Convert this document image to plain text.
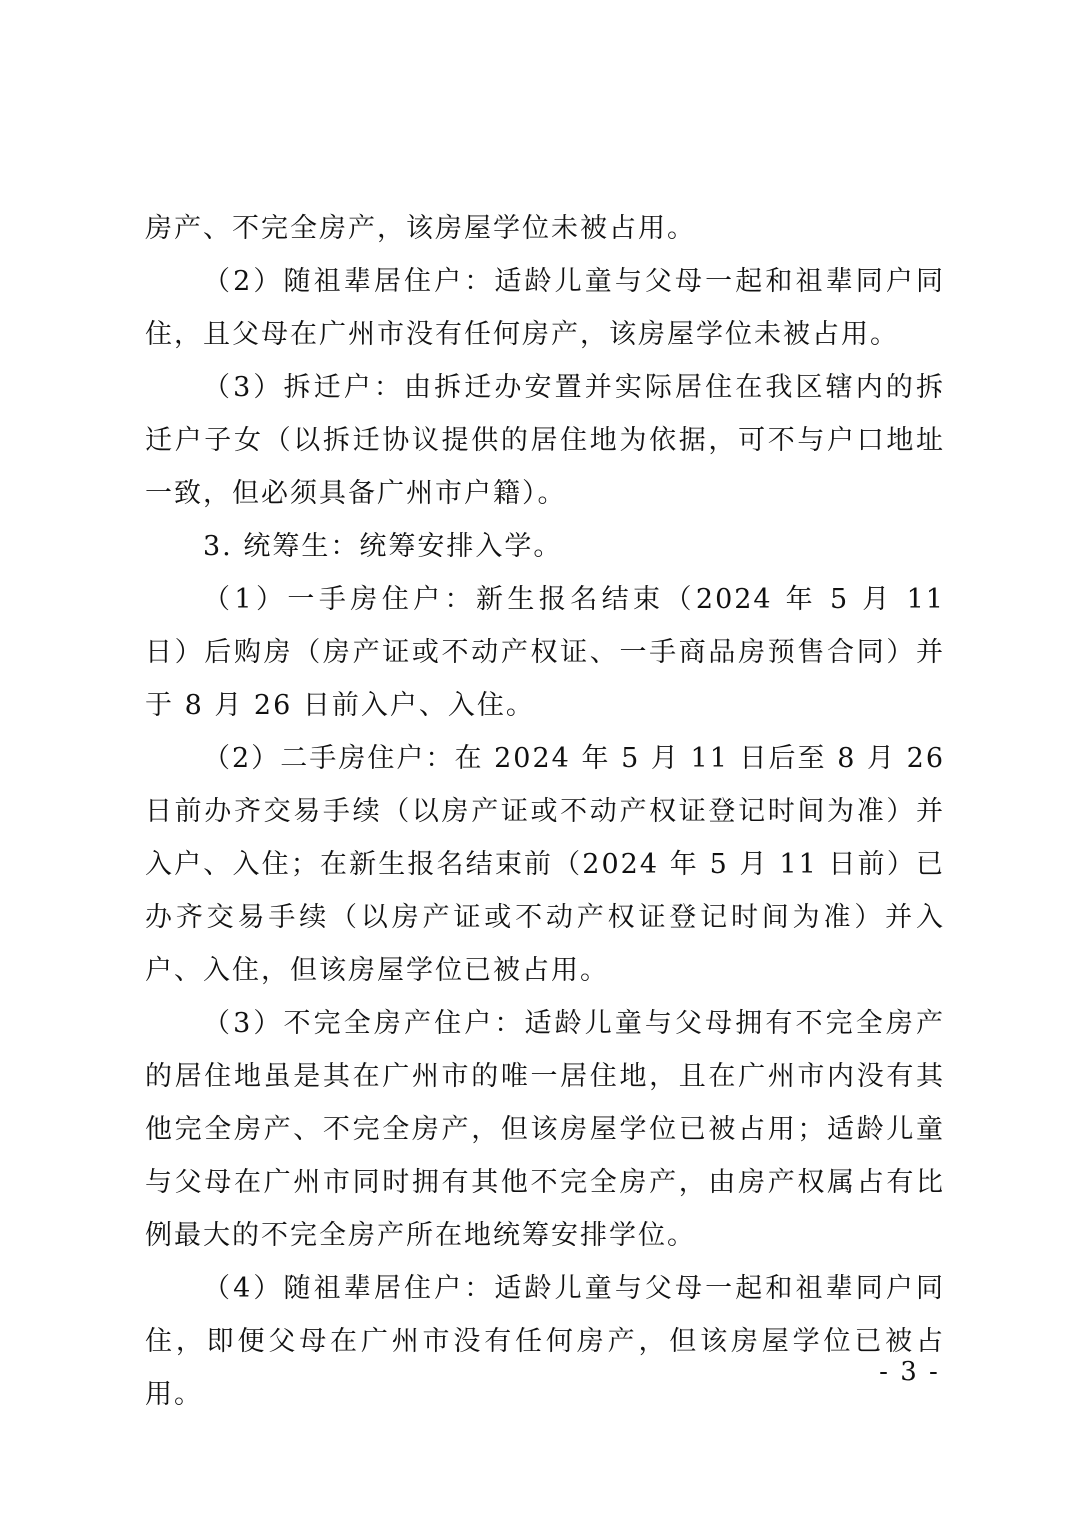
房产、不完全房产，该房屋学位未被占用。

（2）随祖辈居住户：适龄儿童与父母一起和祖辈同户同住，且父母在广州市没有任何房产，该房屋学位未被占用。

（3）拆迁户：由拆迁办安置并实际居住在我区辖内的拆迁户子女（以拆迁协议提供的居住地为依据，可不与户口地址一致，但必须具备广州市户籍）。

3. 统筹生：统筹安排入学。

（1）一手房住户：新生报名结束（2024 年 5 月 11 日）后购房（房产证或不动产权证、一手商品房预售合同）并于 8 月 26 日前入户、入住。

（2）二手房住户：在 2024 年 5 月 11 日后至 8 月 26 日前办齐交易手续（以房产证或不动产权证登记时间为准）并入户、入住；在新生报名结束前（2024 年 5 月 11 日前）已办齐交易手续（以房产证或不动产权证登记时间为准）并入户、入住，但该房屋学位已被占用。

（3）不完全房产住户：适龄儿童与父母拥有不完全房产的居住地虽是其在广州市的唯一居住地，且在广州市内没有其他完全房产、不完全房产，但该房屋学位已被占用；适龄儿童与父母在广州市同时拥有其他不完全房产，由房产权属占有比例最大的不完全房产所在地统筹安排学位。

（4）随祖辈居住户：适龄儿童与父母一起和祖辈同户同住，即便父母在广州市没有任何房产，但该房屋学位已被占用。

- 3 -
